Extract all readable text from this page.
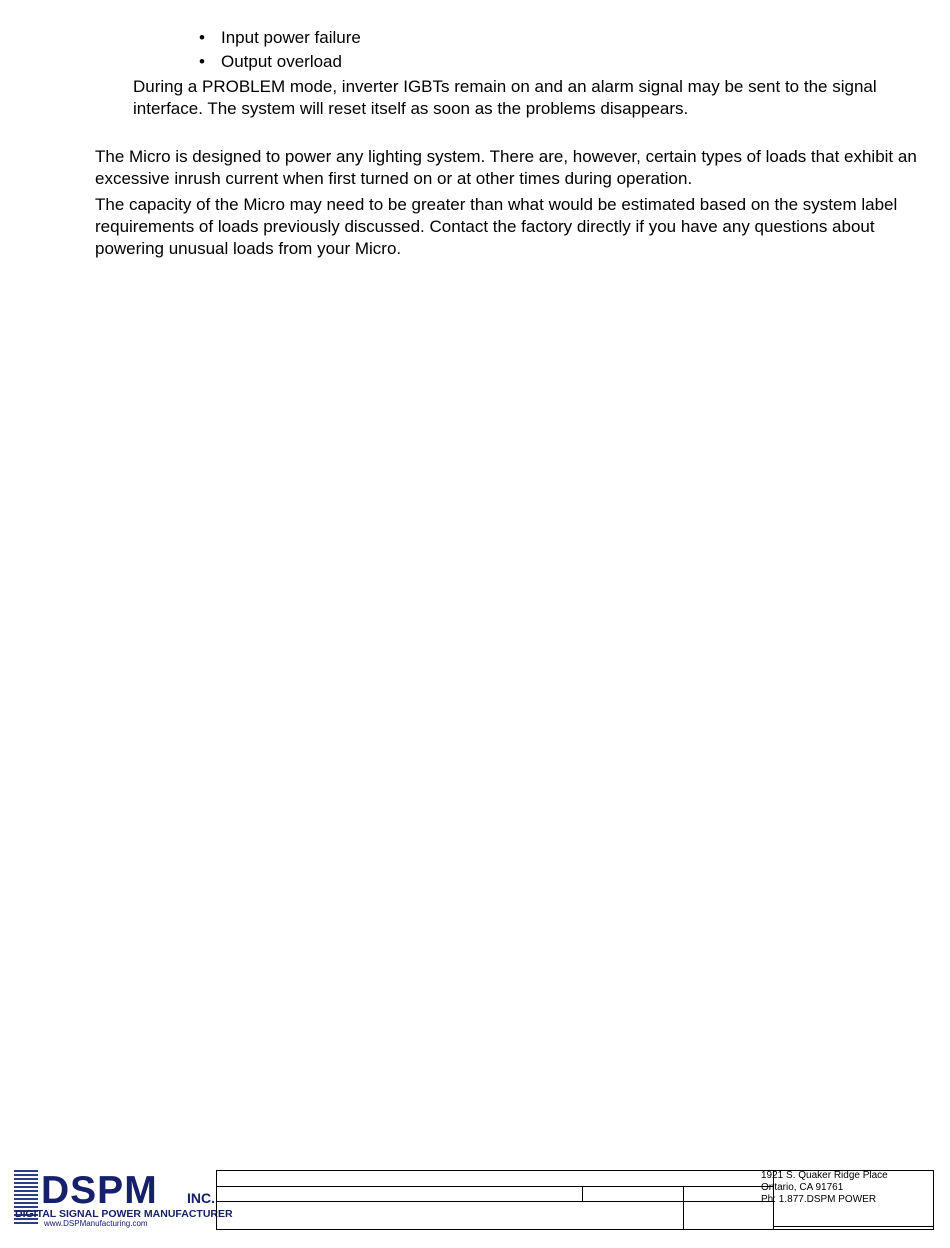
• Input power failure
• Output overload

During a PROBLEM mode, inverter IGBTs remain on and an alarm signal may be sent to the signal interface. The system will reset itself as soon as the problems disappears.

The Micro is designed to power any lighting system. There are, however, certain types of loads that exhibit an excessive inrush current when first turned on or at other times during operation.

The capacity of the Micro may need to be greater than what would be estimated based on the system label requirements of loads previously discussed. Contact the factory directly if you have any questions about powering unusual loads from your Micro.

DSPM INC.
DIGITAL SIGNAL POWER MANUFACTURER
www.DSPManufacturing.com
1921 S. Quaker Ridge Place
Ontario, CA 91761
Ph: 1.877.DSPM POWER
